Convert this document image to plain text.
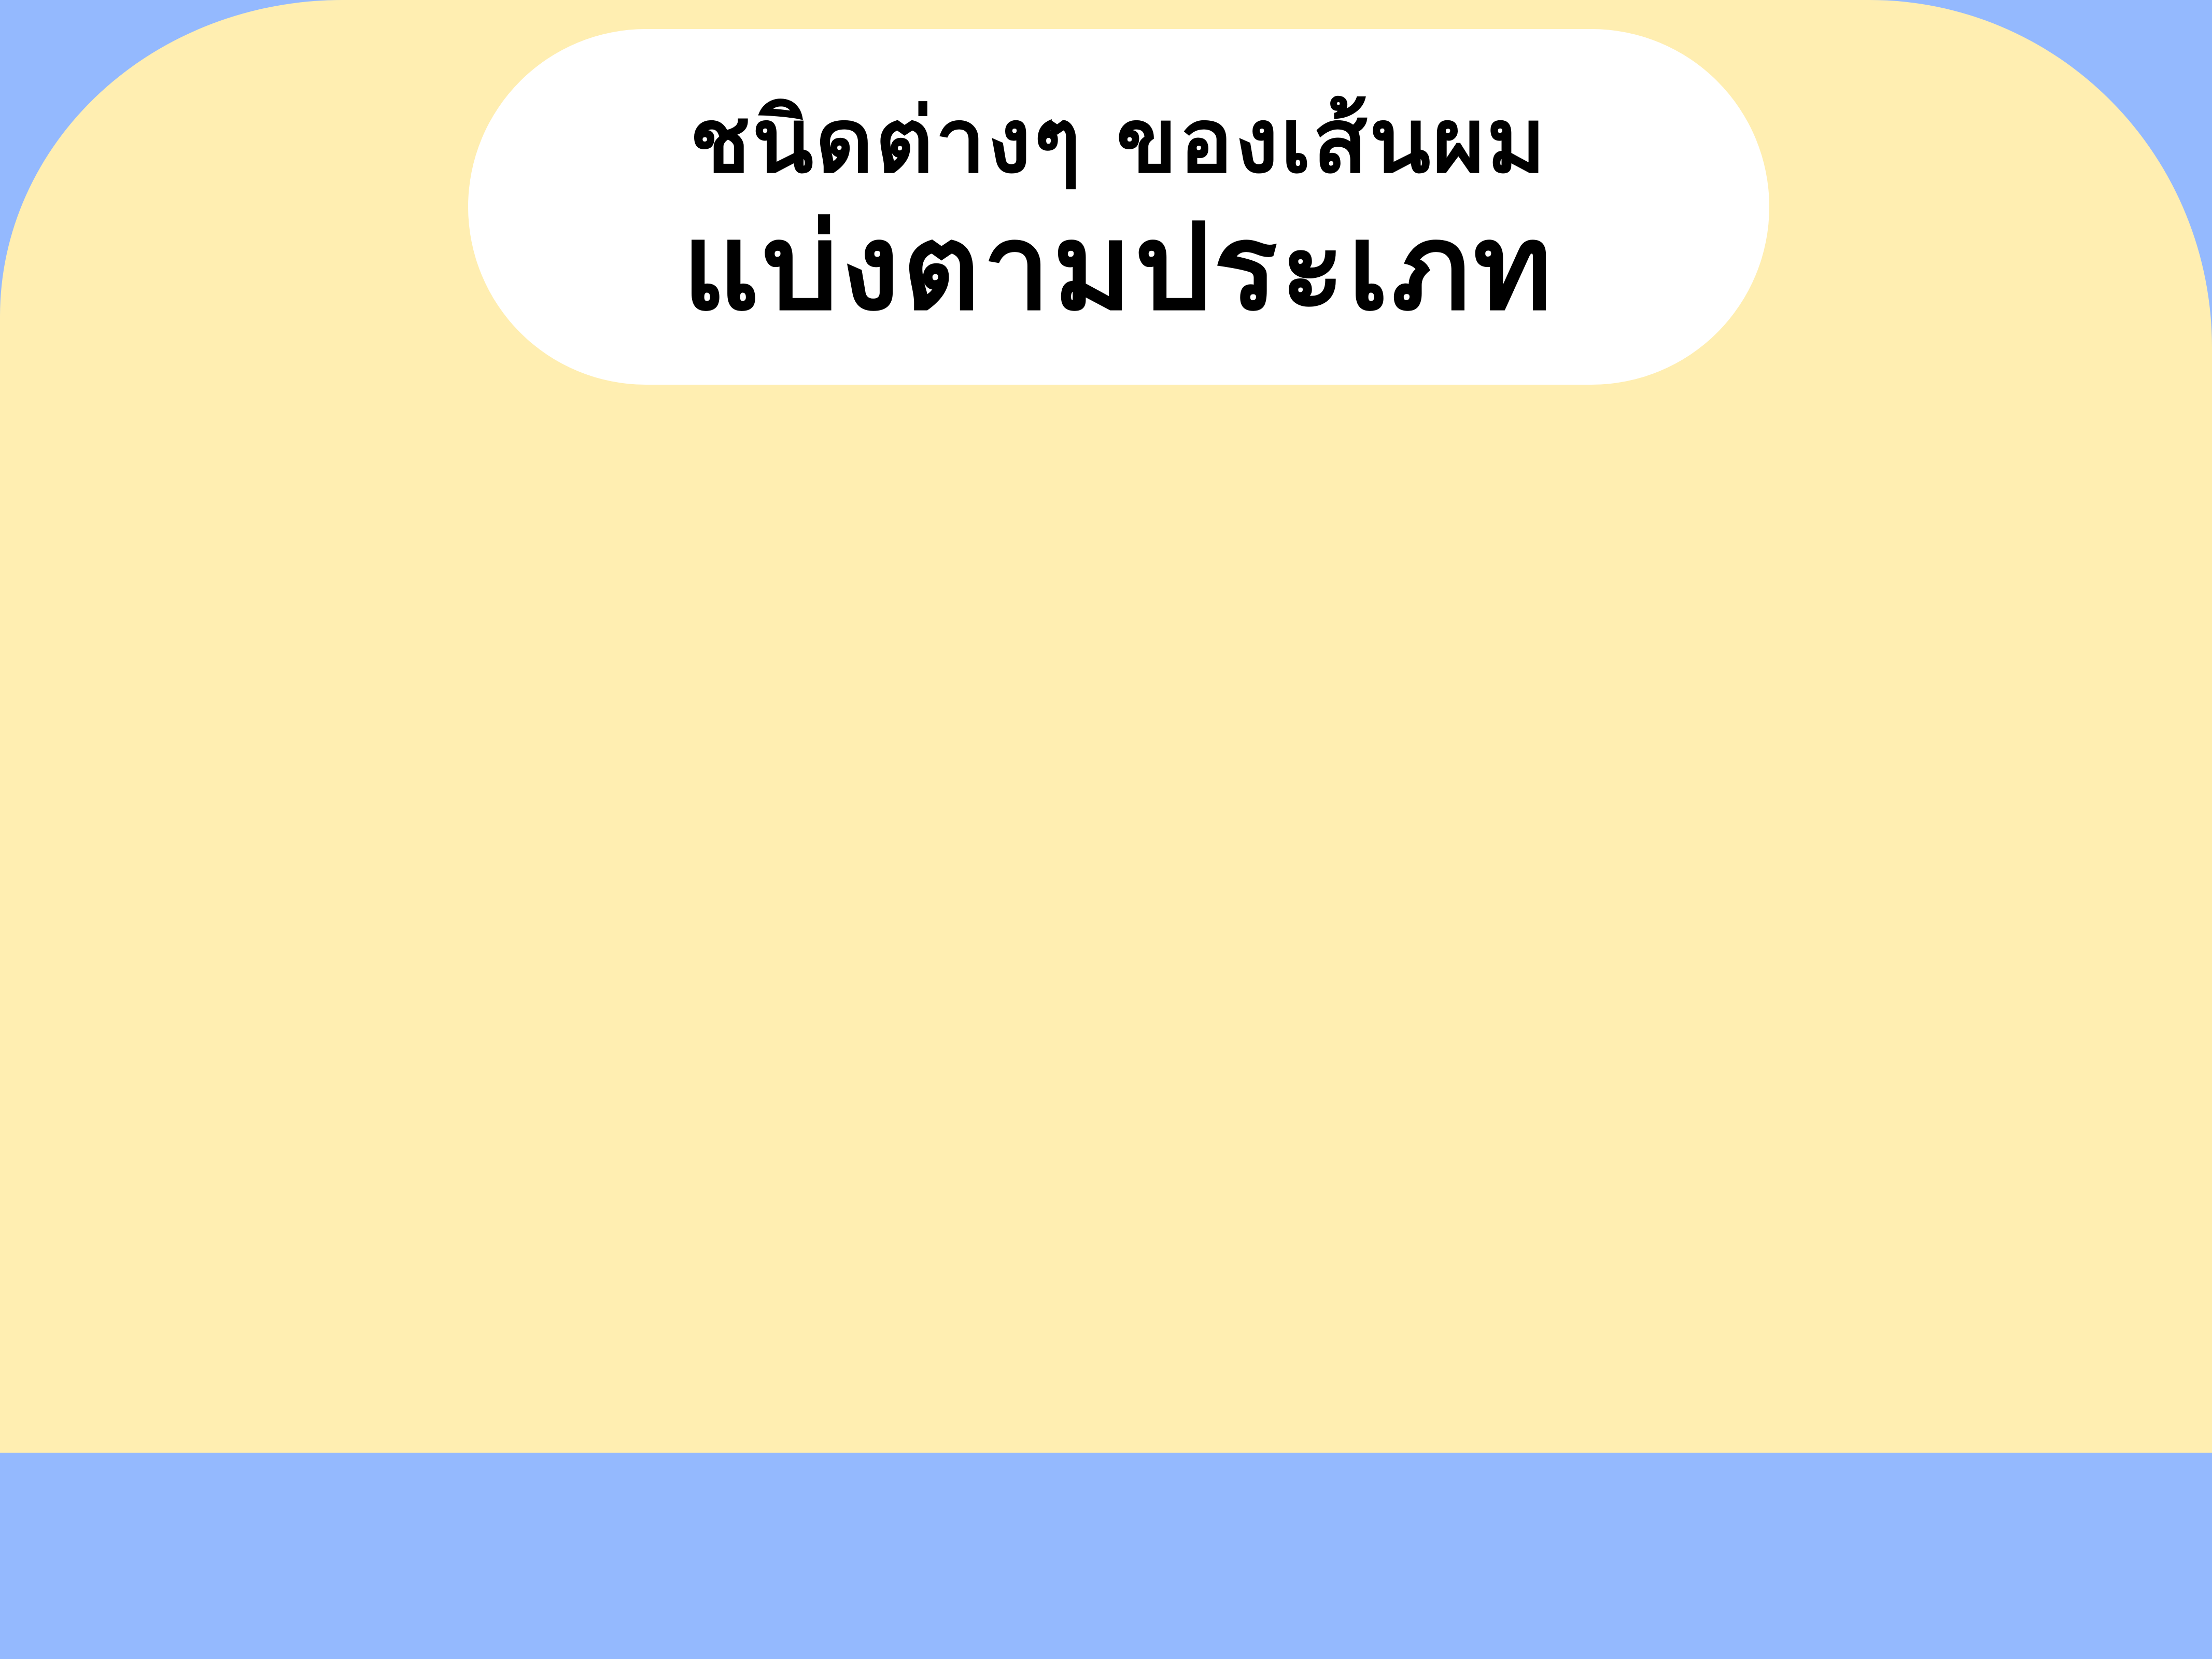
ชนิดต่างๆ ของเส้นผม
แบ่งตามประเภท
